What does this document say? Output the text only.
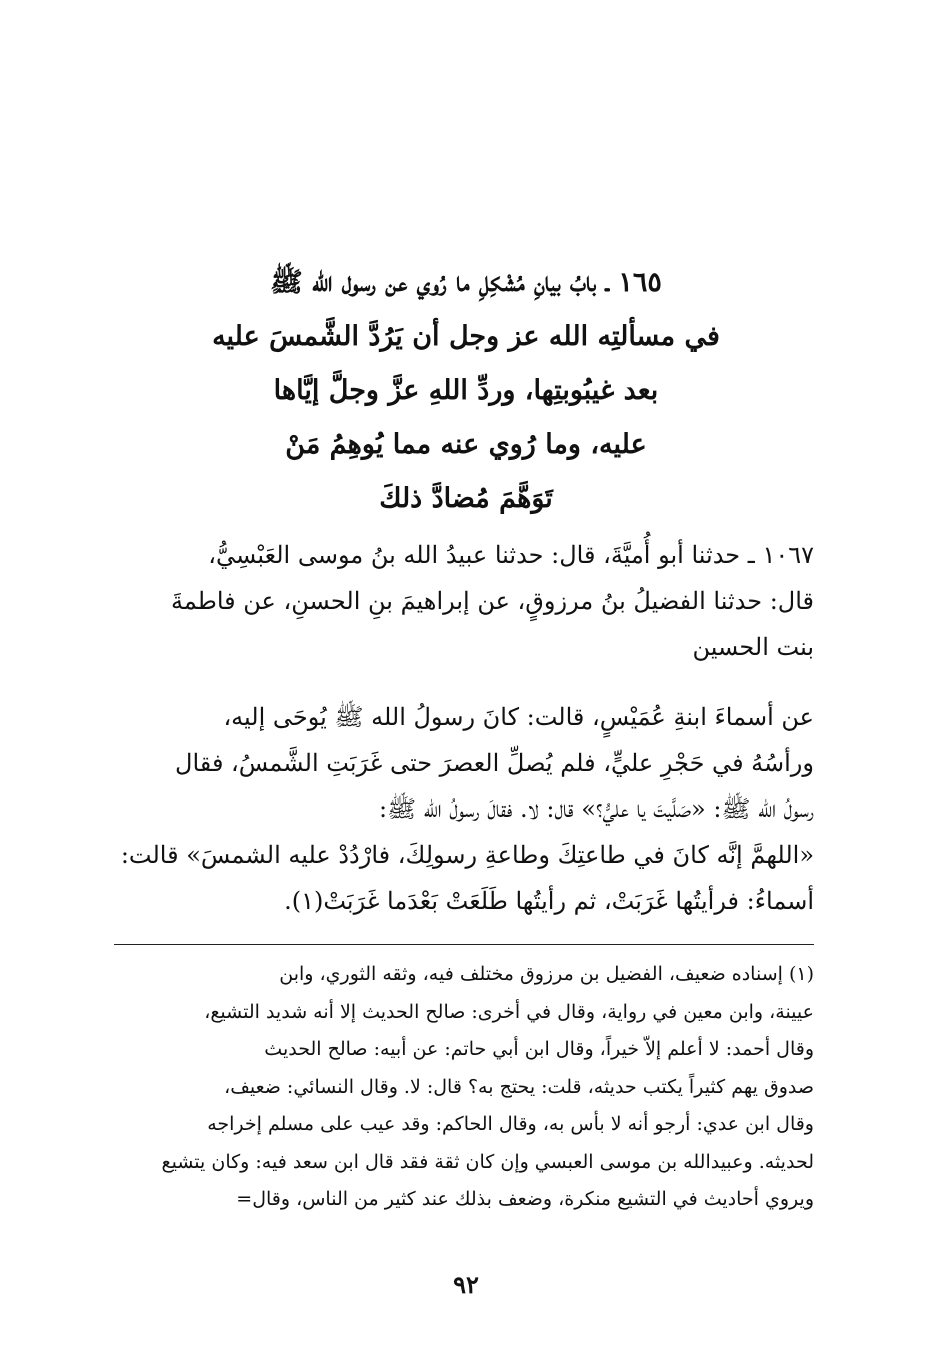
١٦٥ ـ بابُ بيانِ مُشْكِلِ ما رُوي عن رسول الله ﷺ
في مسألتِه الله عز وجل أن يَرُدَّ الشَّمسَ عليه
بعد غيبُوبتِها، وردِّ اللهِ عزَّ وجلَّ إيَّاها
عليه، وما رُوي عنه مما يُوهِمُ مَنْ
تَوَهَّمَ مُضادَّ ذلكَ
١٠٦٧ ـ حدثنا أبو أُميَّةَ، قال: حدثنا عبيدُ الله بنُ موسى العَبْسِيُّ،
قال: حدثنا الفضيلُ بنُ مرزوقٍ، عن إبراهيمَ بنِ الحسنِ، عن فاطمةَ
بنت الحسين
عن أسماءَ ابنةِ عُمَيْسٍ، قالت: كانَ رسولُ الله ﷺ يُوحَى إليه،
ورأسُهُ في حَجْرِ عليٍّ، فلم يُصلِّ العصرَ حتى غَرَبَتِ الشَّمسُ، فقال
رسولُ الله ﷺ: «صَلَّيتَ يا عليُّ؟» قال: لا. فقالَ رسولُ الله ﷺ:
«اللهمَّ إنَّه كانَ في طاعتِكَ وطاعةِ رسولِكَ، فارْدُدْ عليه الشمسَ» قالت:
أسماءُ: فرأيتُها غَرَبَتْ، ثم رأيتُها طَلَعَتْ بَعْدَما غَرَبَتْ(١).
(١) إسناده ضعيف، الفضيل بن مرزوق مختلف فيه، وثقه الثوري، وابن
عيينة، وابن معين في رواية، وقال في أخرى: صالح الحديث إلا أنه شديد التشيع،
وقال أحمد: لا أعلم إلاّ خيراً، وقال ابن أبي حاتم: عن أبيه: صالح الحديث
صدوق يهم كثيراً يكتب حديثه، قلت: يحتج به؟ قال: لا. وقال النسائي: ضعيف،
وقال ابن عدي: أرجو أنه لا بأس به، وقال الحاكم: وقد عيب على مسلم إخراجه
لحديثه. وعبيدالله بن موسى العبسي وإن كان ثقة فقد قال ابن سعد فيه: وكان يتشيع
ويروي أحاديث في التشيع منكرة، وضعف بذلك عند كثير من الناس، وقال=
٩٢
